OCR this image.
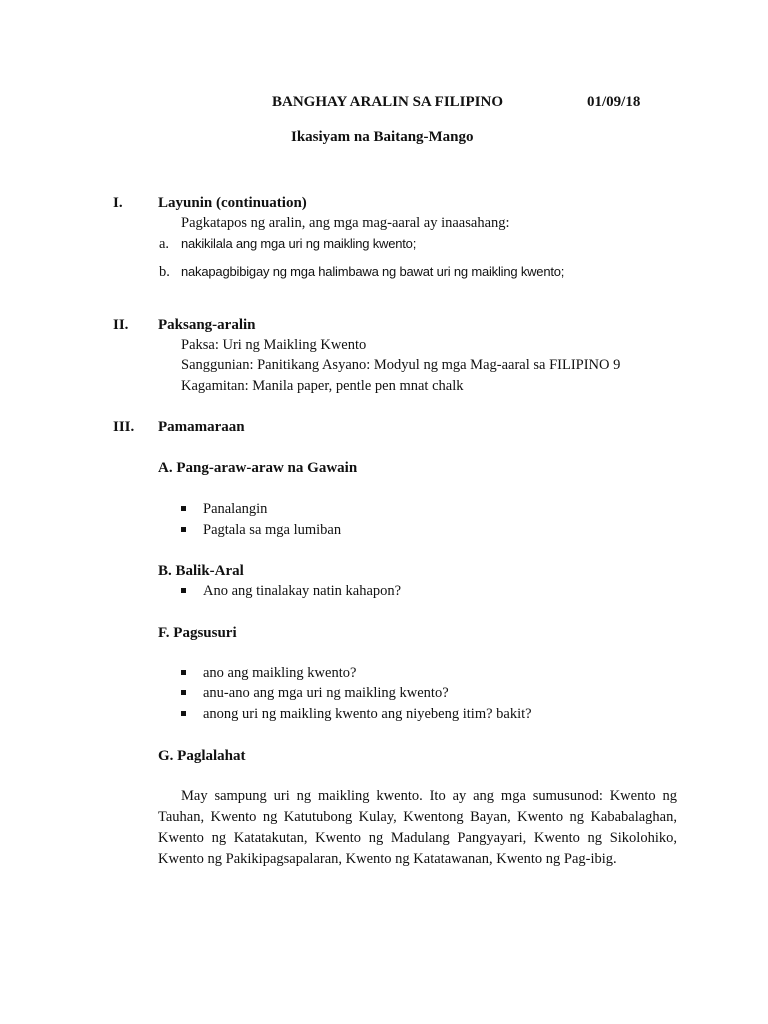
BANGHAY ARALIN SA FILIPINO	01/09/18
Ikasiyam na Baitang-Mango
I. Layunin (continuation)
Pagkatapos ng aralin, ang mga mag-aaral ay inaasahang:
a. nakikilala ang mga uri ng maikling kwento;
b. nakapagbibigay ng mga halimbawa ng bawat uri ng maikling kwento;
II. Paksang-aralin
Paksa: Uri ng Maikling Kwento
Sanggunian: Panitikang Asyano: Modyul ng mga Mag-aaral sa FILIPINO 9
Kagamitan: Manila paper, pentle pen mnat chalk
III. Pamamaraan
A. Pang-araw-araw na Gawain
Panalangin
Pagtala sa mga lumiban
B. Balik-Aral
Ano ang tinalakay natin kahapon?
F. Pagsusuri
ano ang maikling kwento?
anu-ano ang mga uri ng maikling kwento?
anong uri ng maikling kwento ang niyebeng itim? bakit?
G. Paglalahat
May sampung uri ng maikling kwento. Ito ay ang mga sumusunod: Kwento ng Tauhan, Kwento ng Katutubong Kulay, Kwentong Bayan, Kwento ng Kababalaghan, Kwento ng Katatakutan, Kwento ng Madulang Pangyayari, Kwento ng Sikolohiko, Kwento ng Pakikipagsapalaran, Kwento ng Katatawanan, Kwento ng Pag-ibig.
